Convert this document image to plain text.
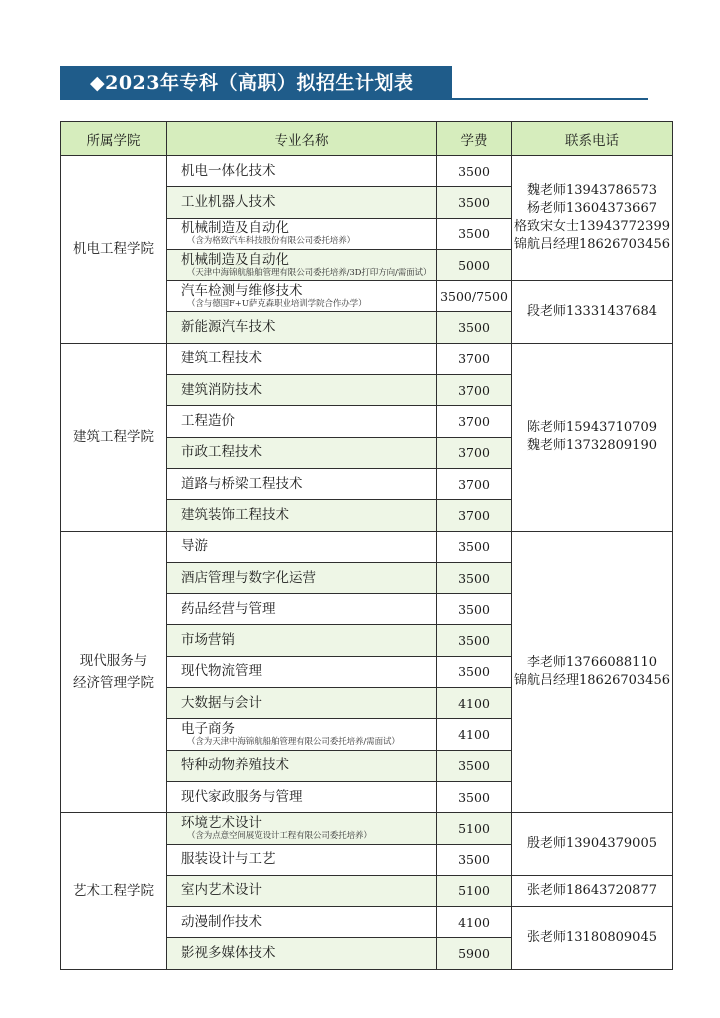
◆2023年专科（高职）拟招生计划表
所属学院	专业名称	学费	联系电话

机电工程学院	机电一体化技术	3500	魏老师13943786573
杨老师13604373667
格致宋女士13943772399
锦航吕经理18626703456

	工业机器人技术	3500	

	机械制造及自动化
（含为格致汽车科技股份有限公司委托培养）	3500	

	机械制造及自动化
（天津中海锦航船舶管理有限公司委托培养/3D打印方向/需面试）	5000	

	汽车检测与维修技术
（含与德国F+U萨克森职业培训学院合作办学）	3500/7500	段老师13331437684

	新能源汽车技术	3500	

建筑工程学院	建筑工程技术	3700	陈老师15943710709
魏老师13732809190

	建筑消防技术	3700	

	工程造价	3700	

	市政工程技术	3700	

	道路与桥梁工程技术	3700	

	建筑装饰工程技术	3700	

现代服务与
经济管理学院	导游	3500	李老师13766088110
锦航吕经理18626703456

	酒店管理与数字化运营	3500	

	药品经营与管理	3500	

	市场营销	3500	

	现代物流管理	3500	

	大数据与会计	4100	

	电子商务
（含为天津中海锦航船舶管理有限公司委托培养/需面试）	4100	

	特种动物养殖技术	3500	

	现代家政服务与管理	3500	

艺术工程学院	环境艺术设计
（含为点意空间展览设计工程有限公司委托培养）	5100	殷老师13904379005

	服装设计与工艺	3500	

	室内艺术设计	5100	张老师18643720877

	动漫制作技术	4100	张老师13180809045

	影视多媒体技术	5900	
